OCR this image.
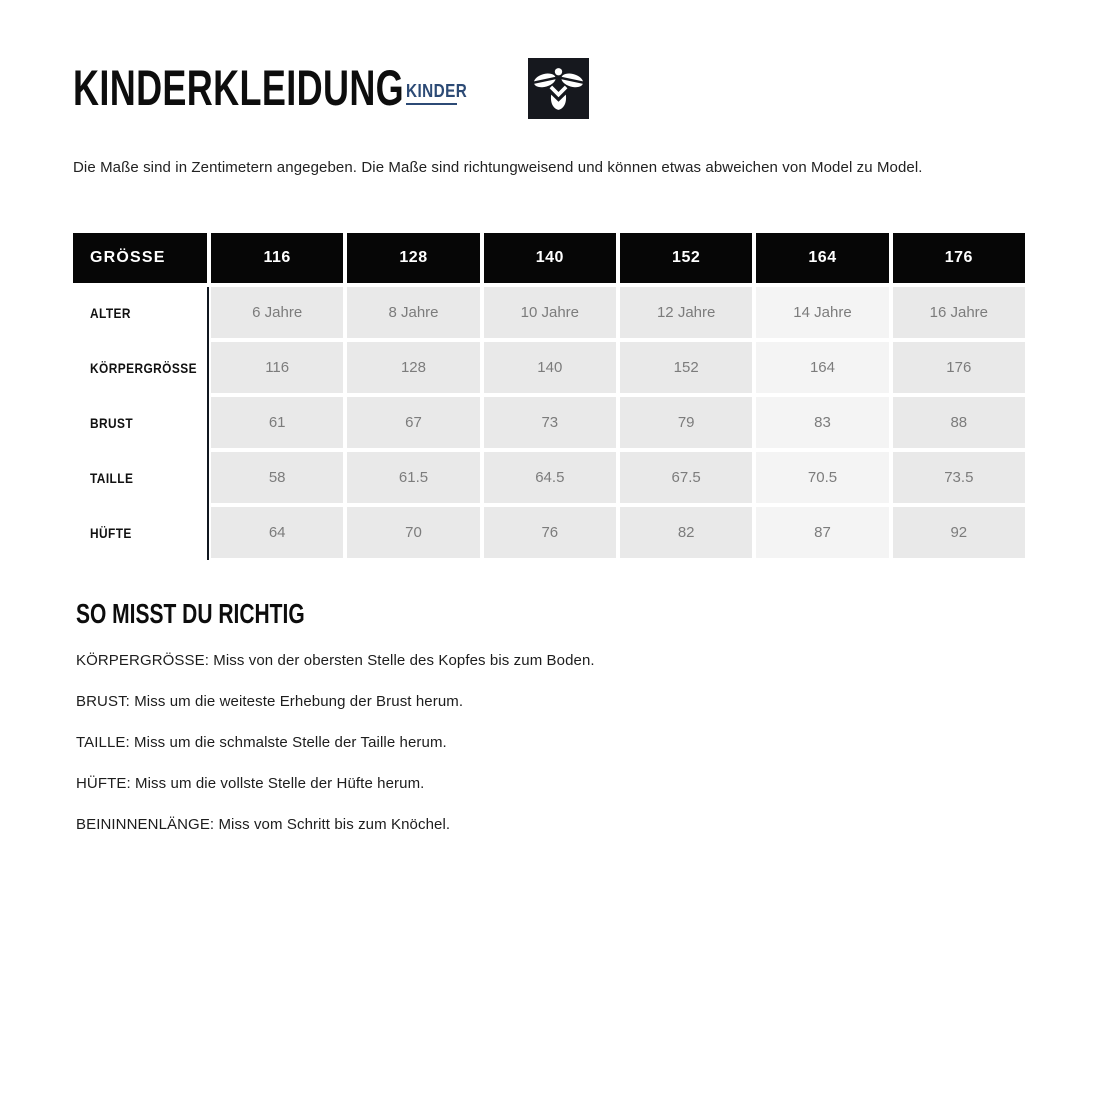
KINDERKLEIDUNG KINDER

Die Maße sind in Zentimetern angegeben. Die Maße sind richtungweisend und können etwas abweichen von Model zu Model.

GRÖSSE	116	128	140	152	164	176
ALTER	6 Jahre	8 Jahre	10 Jahre	12 Jahre	14 Jahre	16 Jahre
KÖRPERGRÖSSE	116	128	140	152	164	176
BRUST	61	67	73	79	83	88
TAILLE	58	61.5	64.5	67.5	70.5	73.5
HÜFTE	64	70	76	82	87	92
SO MISST DU RICHTIG

KÖRPERGRÖSSE: Miss von der obersten Stelle des Kopfes bis zum Boden.

BRUST: Miss um die weiteste Erhebung der Brust herum.

TAILLE: Miss um die schmalste Stelle der Taille herum.

HÜFTE: Miss um die vollste Stelle der Hüfte herum.

BEININNENLÄNGE: Miss vom Schritt bis zum Knöchel.
